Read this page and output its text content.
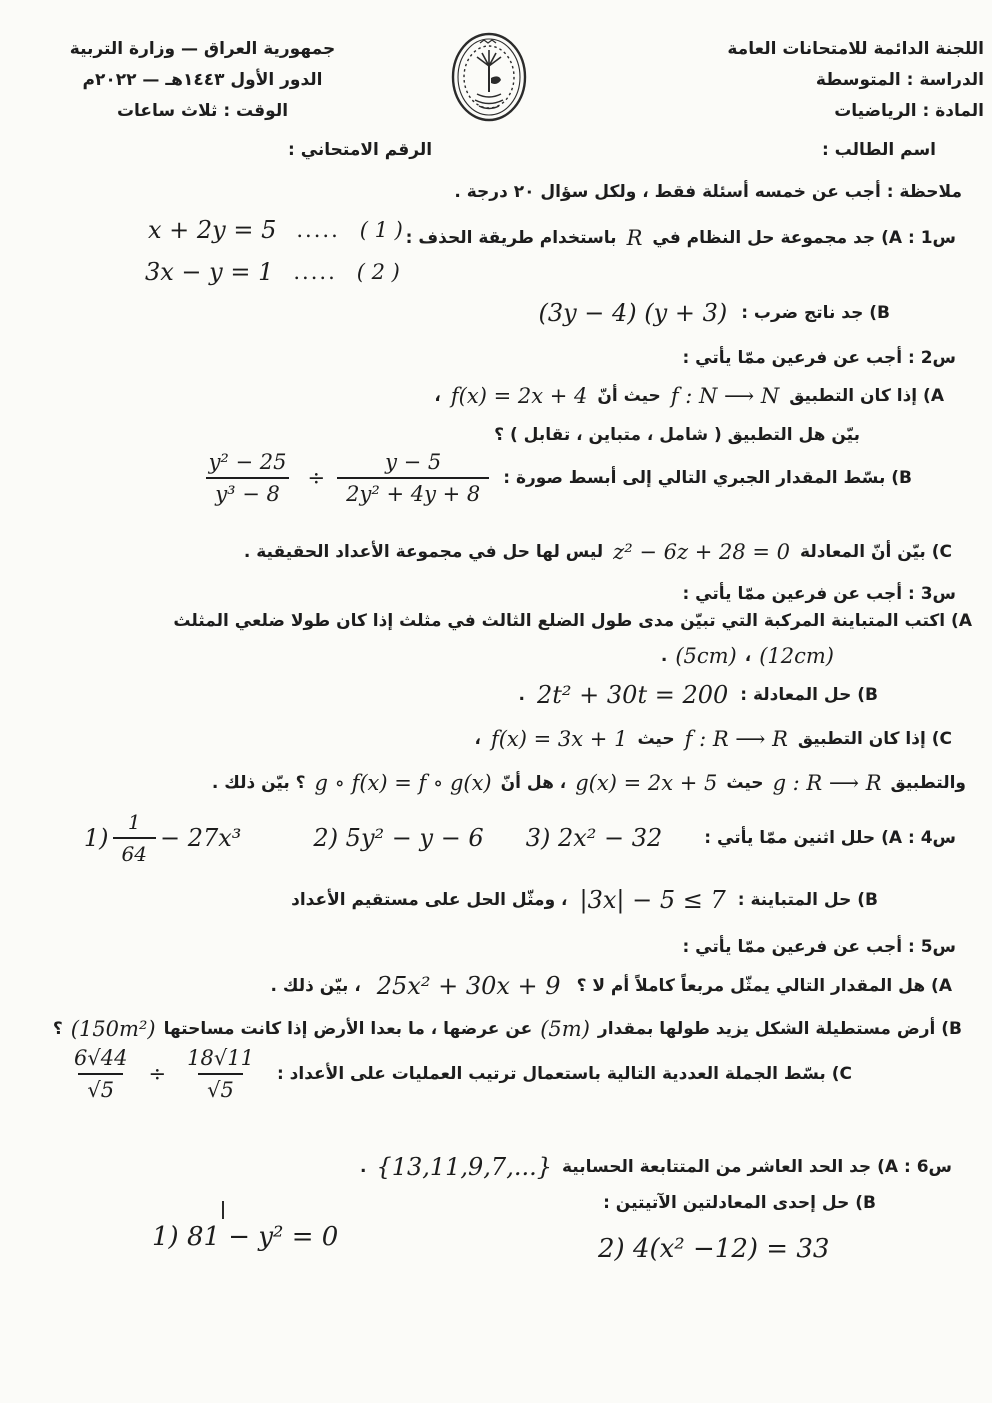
اللجنة الدائمة للامتحانات العامة
الدراسة : المتوسطة
المادة : الرياضيات
جمهورية العراق — وزارة التربية
الدور الأول ١٤٤٣هـ — ٢٠٢٢م
الوقت : ثلاث ساعات
اسم الطالب :
الرقم الامتحاني :
ملاحظة : أجب عن خمسه أسئلة فقط ، ولكل سؤال ٢٠ درجة .
س1 : A) جد مجموعة حل النظام في
R
باستخدام طريقة الحذف :
x + 2y = 5 ..... ( 1 )
3x − y = 1 ..... ( 2 )
B) جد ناتج ضرب :
(3y − 4) (y + 3)
س2 : أجب عن فرعين ممّا يأتي :
A) إذا كان التطبيق
f : N ⟶ N
حيث أنّ
f(x) = 2x + 4
،
بيّن هل التطبيق ( شامل ، متباين ، تقابل ) ؟
B) بسّط المقدار الجبري التالي إلى أبسط صورة :
$\frac{\text{y² − 25}}{\text{y³ − 8}} \div \frac{y - 5}{\text{2y² + 4y + 8}}$
C) بيّن أنّ المعادلة
z² − 6z + 28 = 0
ليس لها حل في مجموعة الأعداد الحقيقية .
س3 : أجب عن فرعين ممّا يأتي :
A) اكتب المتباينة المركبة التي تبيّن مدى طول الضلع الثالث في مثلث إذا كان طولا ضلعي المثلث
(12cm)
،
(5cm)
.
B) حل المعادلة :
2t² + 30t = 200
.
C) إذا كان التطبيق
f : R ⟶ R
حيث
f(x) = 3x + 1
،
والتطبيق
g : R ⟶ R
حيث
g(x) = 2x + 5
، هل أنّ
g ∘ f(x) = f ∘ g(x)
؟ بيّن ذلك .
س4 : A) حلل اثنين ممّا يأتي :
3) 2x² − 32
2) 5y² − y − 6
$1) \frac{1}{64} - 27x^3$
B) حل المتباينة :
|3x| − 5 ≤ 7
، ومثّل الحل على مستقيم الأعداد
س5 : أجب عن فرعين ممّا يأتي :
A) هل المقدار التالي يمثّل مربعاً كاملاً أم لا ؟
25x² + 30x + 9
، بيّن ذلك .
B) أرض مستطيلة الشكل يزيد طولها بمقدار
(5m)
عن عرضها ، ما بعدا الأرض إذا كانت مساحتها
(150m²)
؟
C) بسّط الجملة العددية التالية باستعمال ترتيب العمليات على الأعداد :
$\frac{6√44}{√5} \div \frac{18√11}{√5}$
س6 : A) جد الحد العاشر من المتتابعة الحسابية
{13,11,9,7,...}
.
B) حل إحدى المعادلتين الآتيتين :
1) 81 − y² = 0	2) 4(x² −12) = 33
